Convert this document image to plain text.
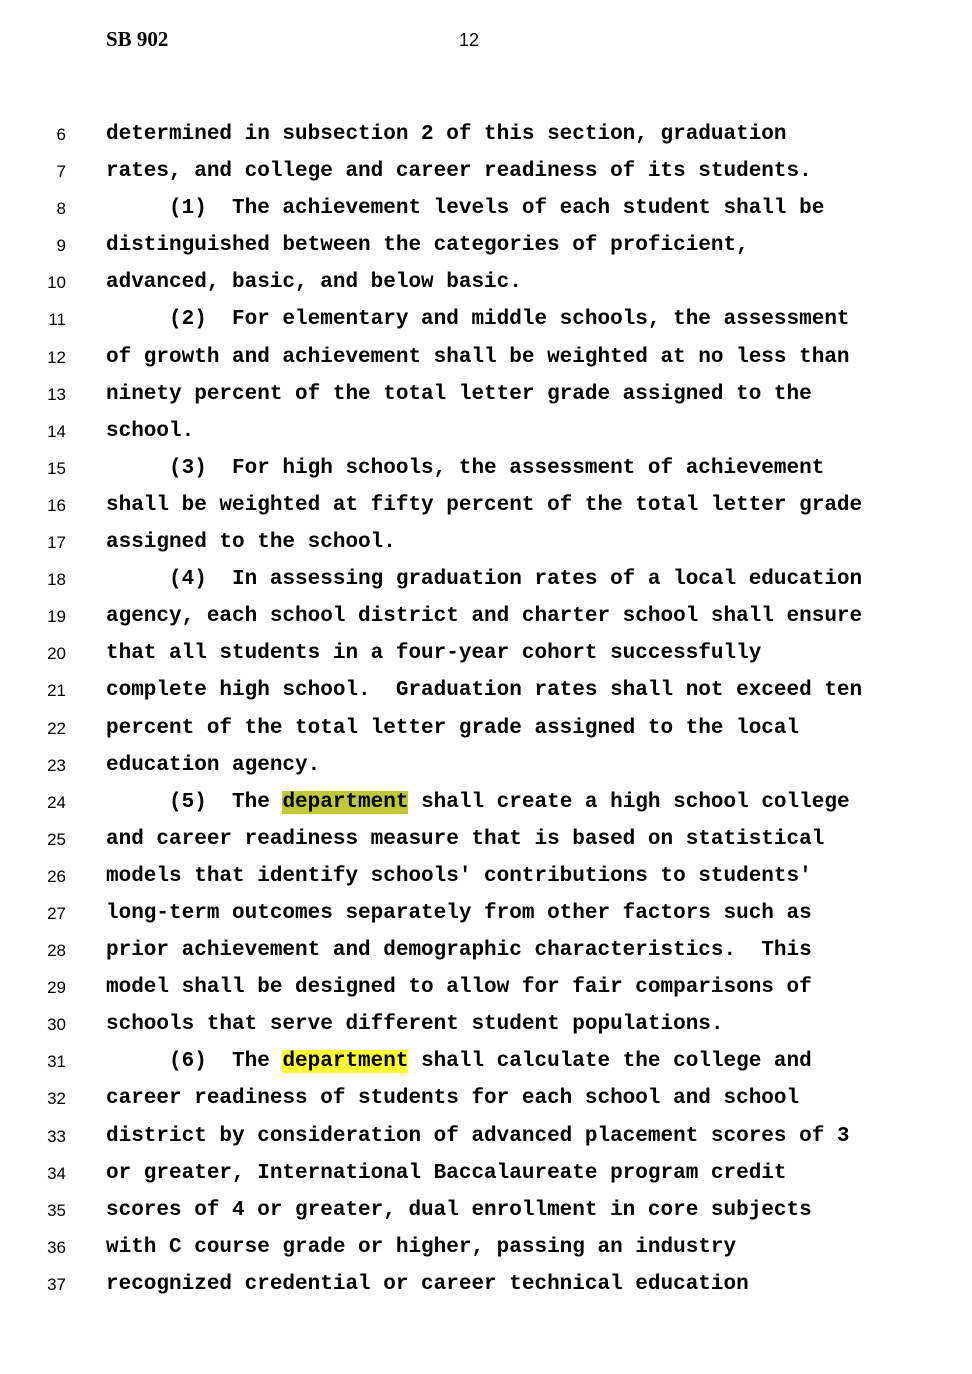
SB 902	12
6 determined in subsection 2 of this section, graduation
7 rates, and college and career readiness of its students.
8 (1)  The achievement levels of each student shall be
9 distinguished between the categories of proficient,
10 advanced, basic, and below basic.
11 (2)  For elementary and middle schools, the assessment
12 of growth and achievement shall be weighted at no less than
13 ninety percent of the total letter grade assigned to the
14 school.
15 (3)  For high schools, the assessment of achievement
16 shall be weighted at fifty percent of the total letter grade
17 assigned to the school.
18 (4)  In assessing graduation rates of a local education
19 agency, each school district and charter school shall ensure
20 that all students in a four-year cohort successfully
21 complete high school.  Graduation rates shall not exceed ten
22 percent of the total letter grade assigned to the local
23 education agency.
24 (5)  The department shall create a high school college
25 and career readiness measure that is based on statistical
26 models that identify schools' contributions to students'
27 long-term outcomes separately from other factors such as
28 prior achievement and demographic characteristics.  This
29 model shall be designed to allow for fair comparisons of
30 schools that serve different student populations.
31 (6)  The department shall calculate the college and
32 career readiness of students for each school and school
33 district by consideration of advanced placement scores of 3
34 or greater, International Baccalaureate program credit
35 scores of 4 or greater, dual enrollment in core subjects
36 with C course grade or higher, passing an industry
37 recognized credential or career technical education
